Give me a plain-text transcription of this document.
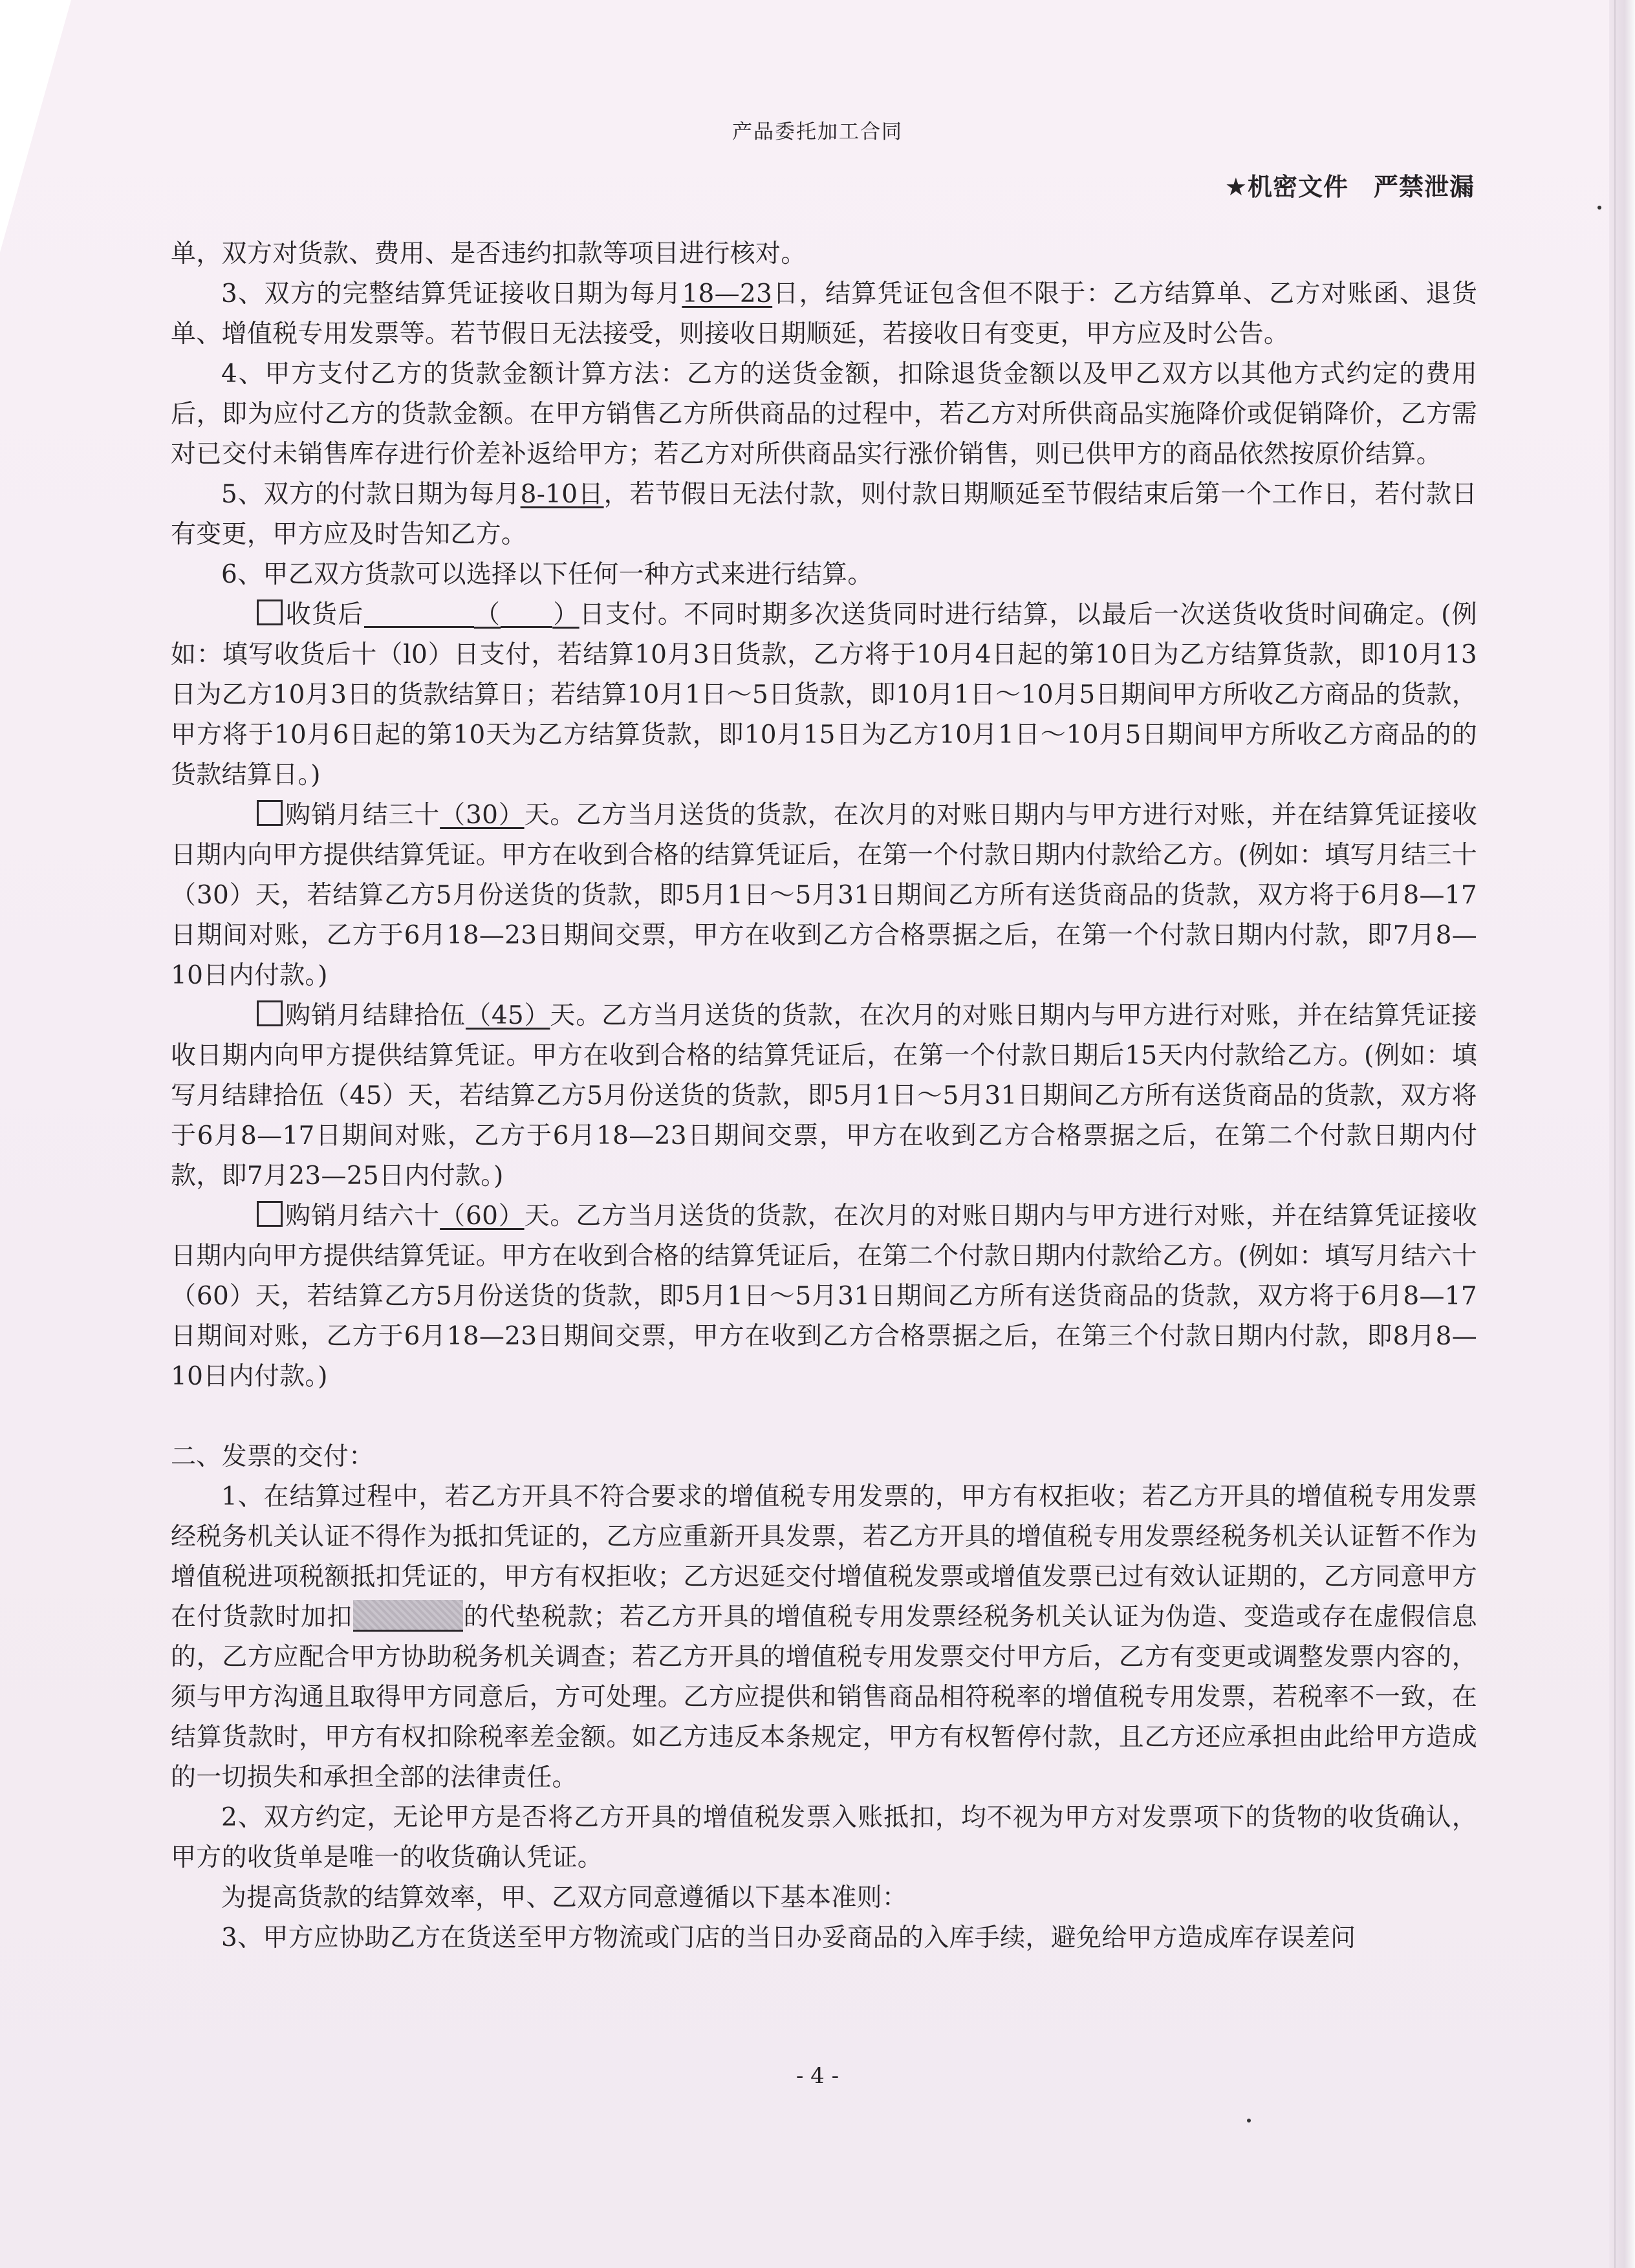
产品委托加工合同
★机密文件　严禁泄漏

单，双方对货款、费用、是否违约扣款等项目进行核对。

3、双方的完整结算凭证接收日期为每月18—23日，结算凭证包含但不限于：乙方结算单、乙方对账函、退货单、增值税专用发票等。若节假日无法接受，则接收日期顺延，若接收日有变更，甲方应及时公告。

4、甲方支付乙方的货款金额计算方法：乙方的送货金额，扣除退货金额以及甲乙双方以其他方式约定的费用后，即为应付乙方的货款金额。在甲方销售乙方所供商品的过程中，若乙方对所供商品实施降价或促销降价，乙方需对已交付未销售库存进行价差补返给甲方；若乙方对所供商品实行涨价销售，则已供甲方的商品依然按原价结算。

5、双方的付款日期为每月8-10日，若节假日无法付款，则付款日期顺延至节假结束后第一个工作日，若付款日有变更，甲方应及时告知乙方。

6、甲乙双方货款可以选择以下任何一种方式来进行结算。

收货后	（ ）日支付。不同时期多次送货同时进行结算，以最后一次送货收货时间确定。(例如：填写收货后十（l0）日支付，若结算10月3日货款，乙方将于10月4日起的第10日为乙方结算货款，即10月13日为乙方10月3日的货款结算日；若结算10月1日～5日货款，即10月1日～10月5日期间甲方所收乙方商品的货款，甲方将于10月6日起的第10天为乙方结算货款，即10月15日为乙方10月1日～10月5日期间甲方所收乙方商品的的货款结算日。)

购销月结三十（30）天。乙方当月送货的货款，在次月的对账日期内与甲方进行对账，并在结算凭证接收日期内向甲方提供结算凭证。甲方在收到合格的结算凭证后，在第一个付款日期内付款给乙方。(例如：填写月结三十（30）天，若结算乙方5月份送货的货款，即5月1日～5月31日期间乙方所有送货商品的货款，双方将于6月8—17日期间对账，乙方于6月18—23日期间交票，甲方在收到乙方合格票据之后，在第一个付款日期内付款，即7月8—10日内付款。)

购销月结肆拾伍（45）天。乙方当月送货的货款，在次月的对账日期内与甲方进行对账，并在结算凭证接收日期内向甲方提供结算凭证。甲方在收到合格的结算凭证后，在第一个付款日期后15天内付款给乙方。(例如：填写月结肆拾伍（45）天，若结算乙方5月份送货的货款，即5月1日～5月31日期间乙方所有送货商品的货款，双方将于6月8—17日期间对账，乙方于6月18—23日期间交票，甲方在收到乙方合格票据之后，在第二个付款日期内付款，即7月23—25日内付款。)

购销月结六十（60）天。乙方当月送货的货款，在次月的对账日期内与甲方进行对账，并在结算凭证接收日期内向甲方提供结算凭证。甲方在收到合格的结算凭证后，在第二个付款日期内付款给乙方。(例如：填写月结六十（60）天，若结算乙方5月份送货的货款，即5月1日～5月31日期间乙方所有送货商品的货款，双方将于6月8—17日期间对账，乙方于6月18—23日期间交票，甲方在收到乙方合格票据之后，在第三个付款日期内付款，即8月8—10日内付款。)

二、发票的交付：

1、在结算过程中，若乙方开具不符合要求的增值税专用发票的，甲方有权拒收；若乙方开具的增值税专用发票经税务机关认证不得作为抵扣凭证的，乙方应重新开具发票，若乙方开具的增值税专用发票经税务机关认证暂不作为增值税进项税额抵扣凭证的，甲方有权拒收；乙方迟延交付增值税发票或增值发票已过有效认证期的，乙方同意甲方在付货款时加扣	的代垫税款；若乙方开具的增值税专用发票经税务机关认证为伪造、变造或存在虚假信息的，乙方应配合甲方协助税务机关调查；若乙方开具的增值税专用发票交付甲方后，乙方有变更或调整发票内容的，须与甲方沟通且取得甲方同意后，方可处理。乙方应提供和销售商品相符税率的增值税专用发票，若税率不一致，在结算货款时，甲方有权扣除税率差金额。如乙方违反本条规定，甲方有权暂停付款，且乙方还应承担由此给甲方造成的一切损失和承担全部的法律责任。

2、双方约定，无论甲方是否将乙方开具的增值税发票入账抵扣，均不视为甲方对发票项下的货物的收货确认，甲方的收货单是唯一的收货确认凭证。

为提高货款的结算效率，甲、乙双方同意遵循以下基本准则：

3、甲方应协助乙方在货送至甲方物流或门店的当日办妥商品的入库手续，避免给甲方造成库存误差问

- 4 -
